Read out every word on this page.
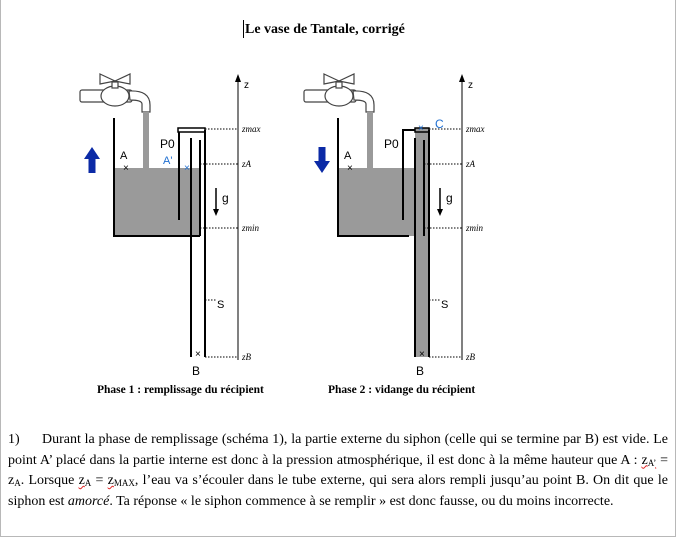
Le vase de Tantale, corrigé
A
×
P0
A'
×
g
S
×
B
z
zmax
zA
zmin
zB
A
×
P0
× C
g
S
×
B
z
zmax
zA
zmin
zB
Phase 1 : remplissage du récipient	Phase 2 : vidange du récipient

1) Durant la phase de remplissage (schéma 1), la partie externe du siphon (celle qui se termine par B) est vide. Le point A’ placé dans la partie interne est donc à la pression atmosphérique, il est donc à la même hauteur que A : zA’ = zA. Lorsque zA = zMAX, l’eau va s’écouler dans le tube externe, qui sera alors rempli jusqu’au point B. On dit que le siphon est amorcé. Ta réponse « le siphon commence à se remplir » est donc fausse, ou du moins incorrecte.
